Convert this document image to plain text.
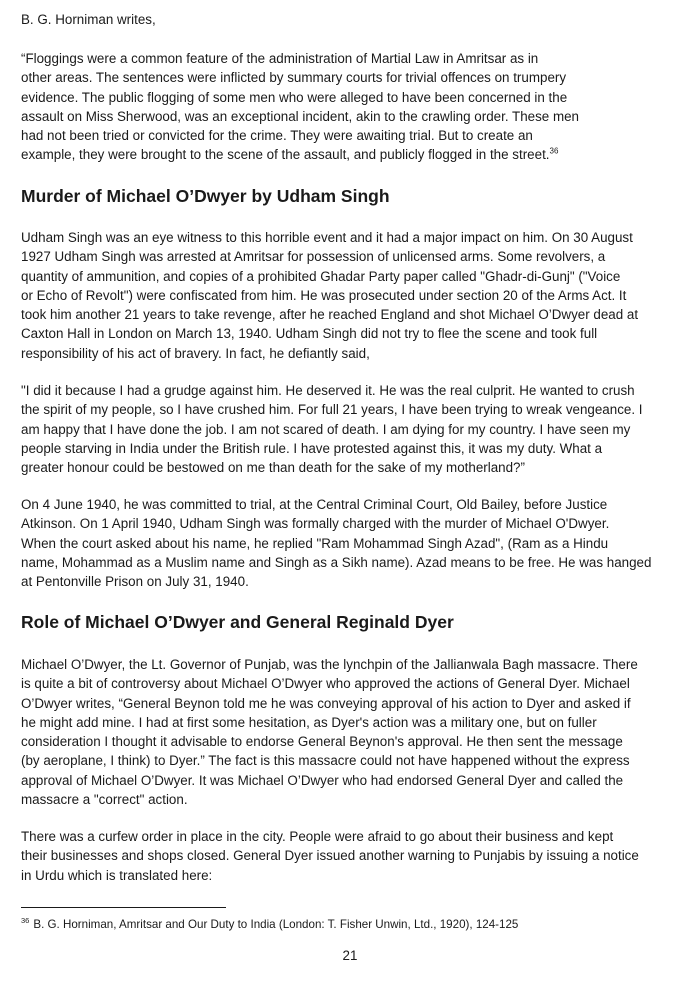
B. G. Horniman writes,

“Floggings were a common feature of the administration of Martial Law in Amritsar as in
other areas. The sentences were inflicted by summary courts for trivial offences on trumpery
evidence. The public flogging of some men who were alleged to have been concerned in the
assault on Miss Sherwood, was an exceptional incident, akin to the crawling order. These men
had not been tried or convicted for the crime. They were awaiting trial. But to create an
example, they were brought to the scene of the assault, and publicly flogged in the street.$^{36}$

Murder of Michael O’Dwyer by Udham Singh

Udham Singh was an eye witness to this horrible event and it had a major impact on him. On 30 August
1927 Udham Singh was arrested at Amritsar for possession of unlicensed arms. Some revolvers, a
quantity of ammunition, and copies of a prohibited Ghadar Party paper called "Ghadr-di-Gunj" ("Voice
or Echo of Revolt") were confiscated from him. He was prosecuted under section 20 of the Arms Act. It
took him another 21 years to take revenge, after he reached England and shot Michael O’Dwyer dead at
Caxton Hall in London on March 13, 1940. Udham Singh did not try to flee the scene and took full
responsibility of his act of bravery. In fact, he defiantly said,

"I did it because I had a grudge against him. He deserved it. He was the real culprit. He wanted to crush
the spirit of my people, so I have crushed him. For full 21 years, I have been trying to wreak vengeance. I
am happy that I have done the job. I am not scared of death. I am dying for my country. I have seen my
people starving in India under the British rule. I have protested against this, it was my duty. What a
greater honour could be bestowed on me than death for the sake of my motherland?”

On 4 June 1940, he was committed to trial, at the Central Criminal Court, Old Bailey, before Justice
Atkinson. On 1 April 1940, Udham Singh was formally charged with the murder of Michael O'Dwyer.
When the court asked about his name, he replied "Ram Mohammad Singh Azad", (Ram as a Hindu
name, Mohammad as a Muslim name and Singh as a Sikh name). Azad means to be free. He was hanged
at Pentonville Prison on July 31, 1940.

Role of Michael O’Dwyer and General Reginald Dyer

Michael O’Dwyer, the Lt. Governor of Punjab, was the lynchpin of the Jallianwala Bagh massacre. There
is quite a bit of controversy about Michael O’Dwyer who approved the actions of General Dyer. Michael
O’Dwyer writes, “General Beynon told me he was conveying approval of his action to Dyer and asked if
he might add mine. I had at first some hesitation, as Dyer's action was a military one, but on fuller
consideration I thought it advisable to endorse General Beynon's approval. He then sent the message
(by aeroplane, I think) to Dyer.” The fact is this massacre could not have happened without the express
approval of Michael O’Dwyer. It was Michael O’Dwyer who had endorsed General Dyer and called the
massacre a "correct" action.

There was a curfew order in place in the city. People were afraid to go about their business and kept
their businesses and shops closed. General Dyer issued another warning to Punjabis by issuing a notice
in Urdu which is translated here:

$^{36}$ B. G. Horniman, Amritsar and Our Duty to India (London: T. Fisher Unwin, Ltd., 1920), 124-125
21
